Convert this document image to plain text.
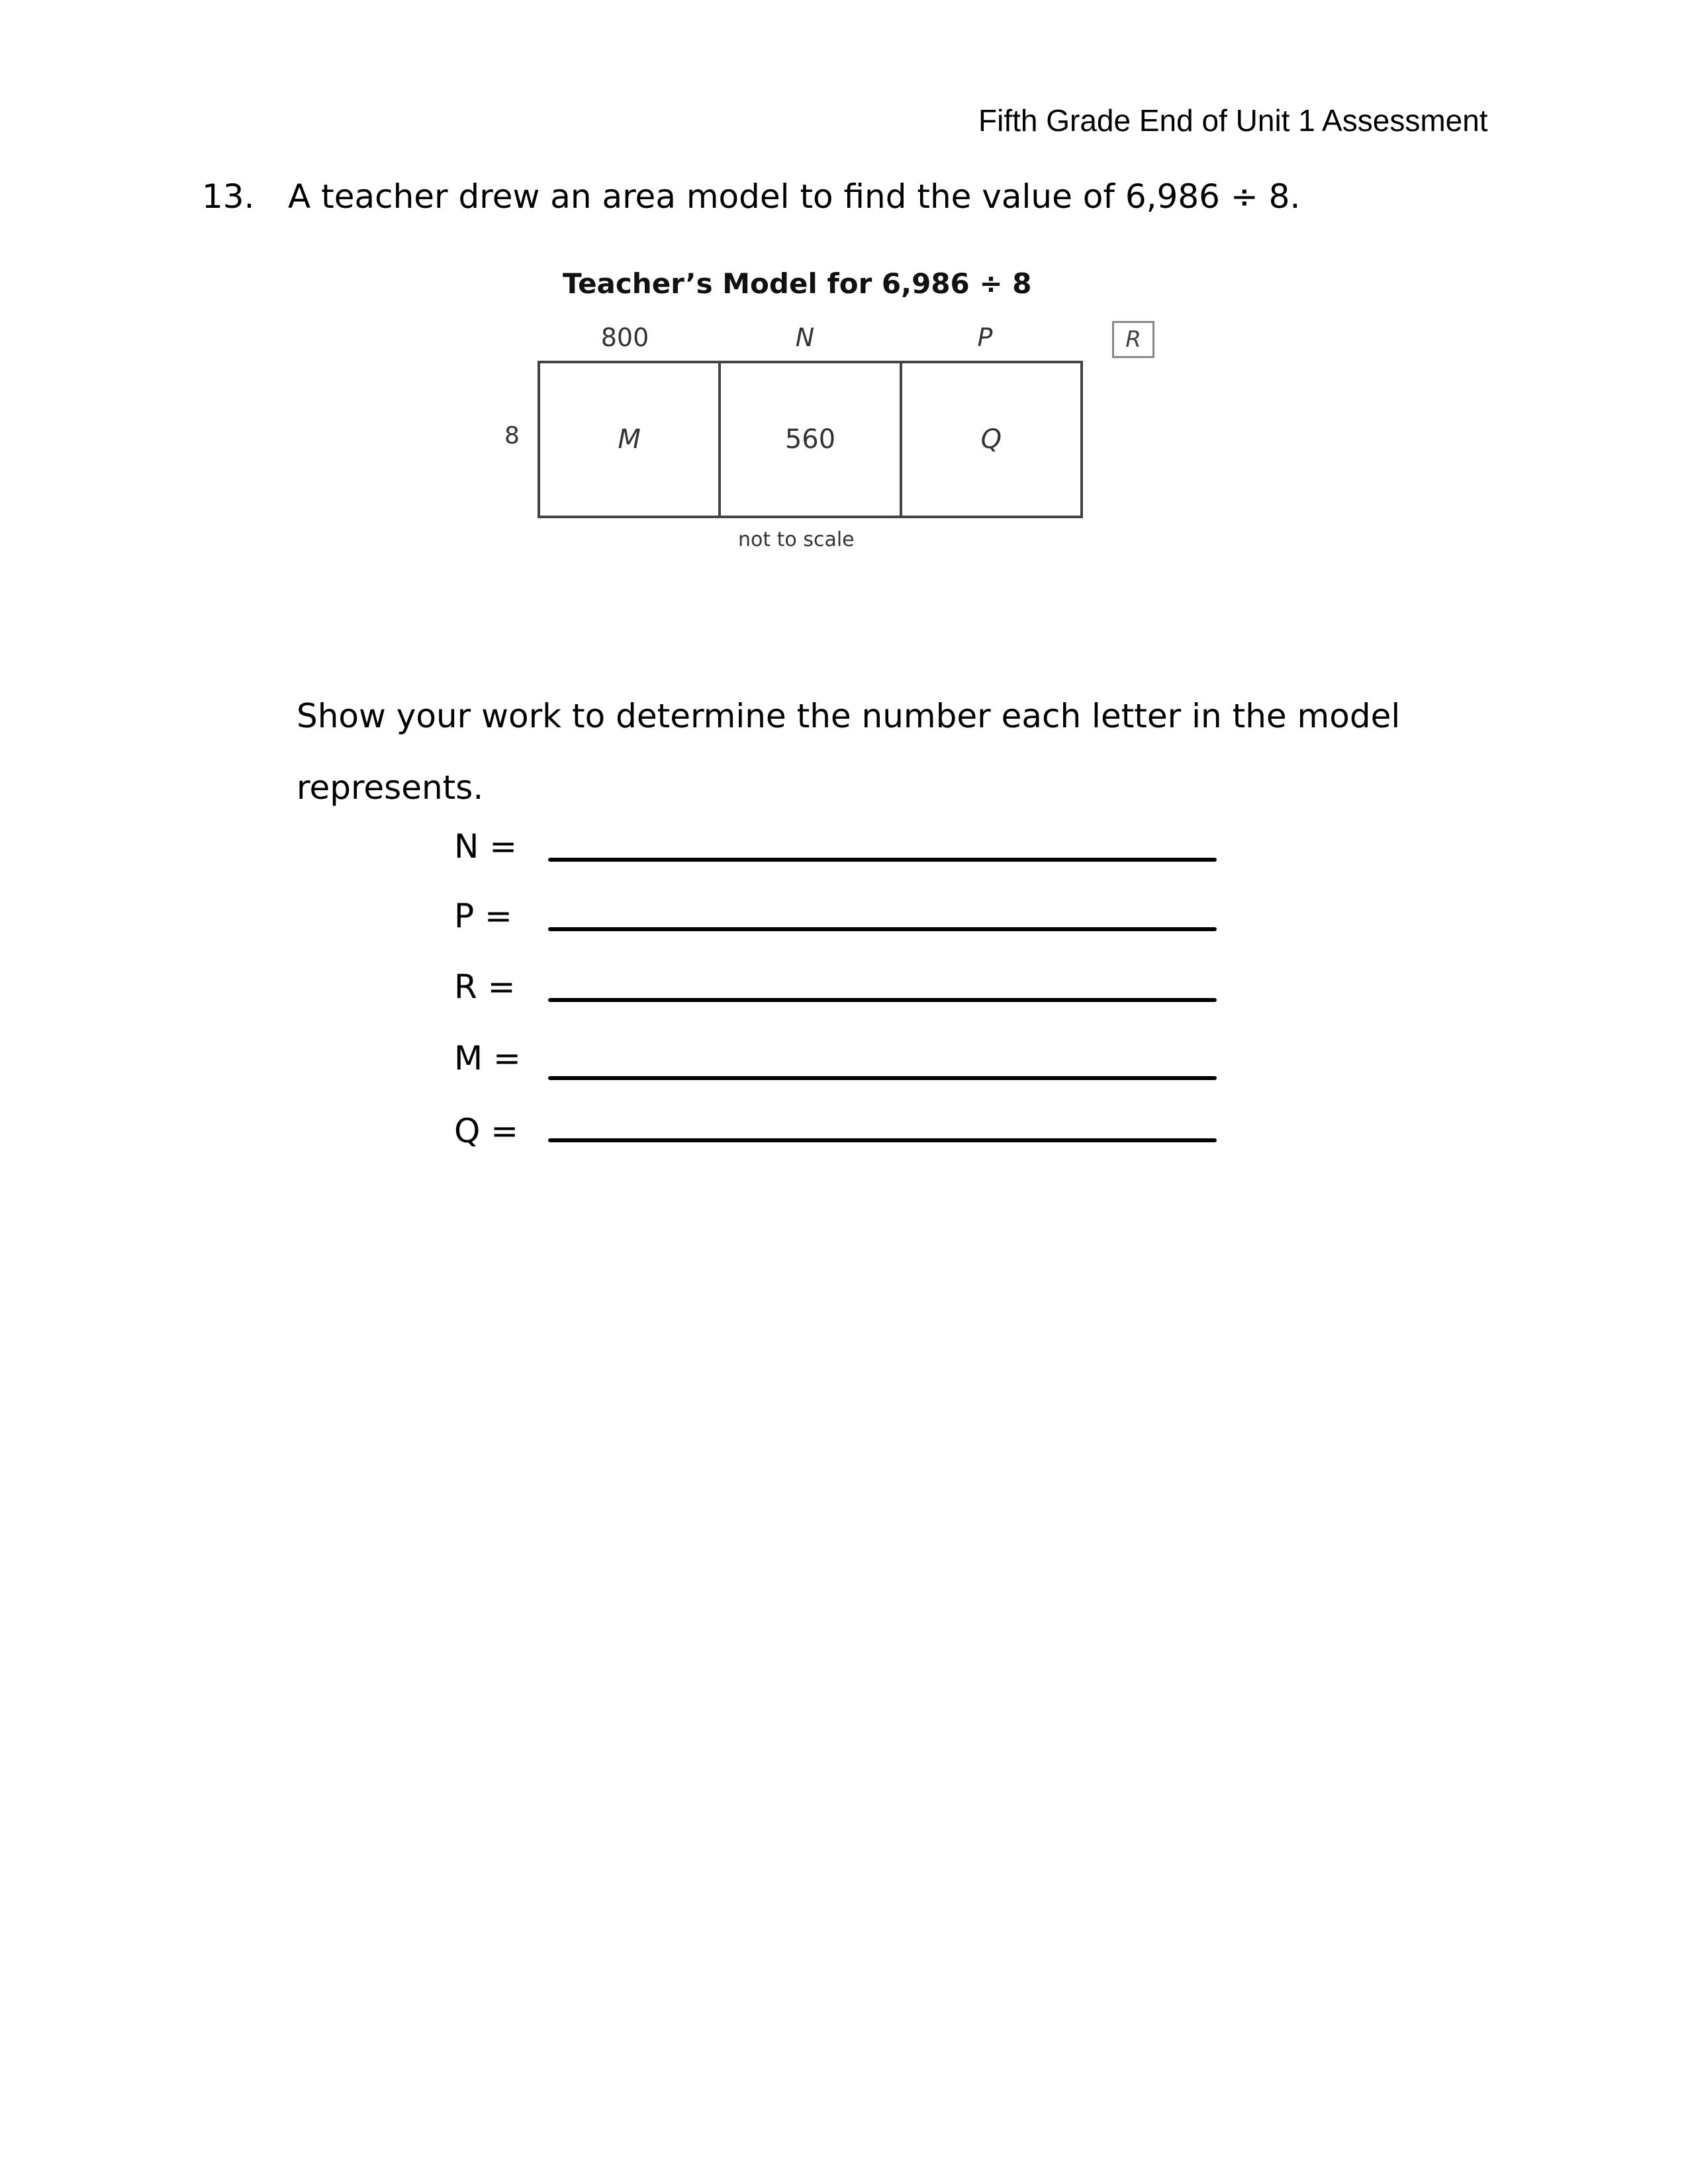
Fifth Grade End of Unit 1 Assessment
13. A teacher drew an area model to find the value of 6,986 ÷ 8.
Teacher’s Model for 6,986 ÷ 8
800	N	P	R
8	M	560	Q
not to scale
Show your work to determine the number each letter in the model represents.
N =
P =
R =
M =
Q =
